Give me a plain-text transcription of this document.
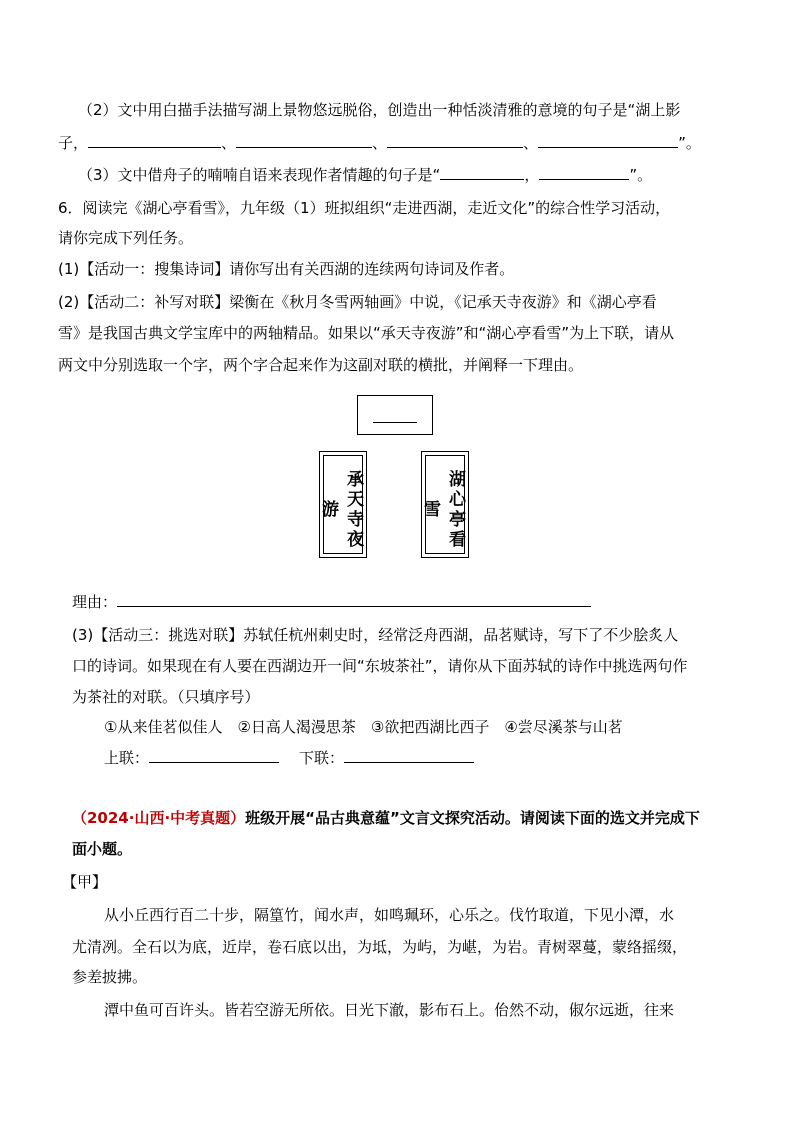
（2）文中用白描手法描写湖上景物悠远脱俗，创造出一种恬淡清雅的意境的句子是“湖上影
子，	、	、	、	”。
（3）文中借舟子的喃喃自语来表现作者情趣的句子是“	，	”。
6．阅读完《湖心亭看雪》，九年级（1）班拟组织“走进西湖，走近文化”的综合性学习活动，
请你完成下列任务。
(1)【活动一：搜集诗词】请你写出有关西湖的连续两句诗词及作者。
(2)【活动二：补写对联】梁衡在《秋月冬雪两轴画》中说，《记承天寺夜游》和《湖心亭看
雪》是我国古典文学宝库中的两轴精品。如果以“承天寺夜游”和“湖心亭看雪”为上下联，请从
两文中分别选取一个字，两个字合起来作为这副对联的横批，并阐释一下理由。
承天寺夜游	湖心亭看雪
理由：
(3)【活动三：挑选对联】苏轼任杭州刺史时，经常泛舟西湖，品茗赋诗，写下了不少脍炙人
口的诗词。如果现在有人要在西湖边开一间“东坡茶社”，请你从下面苏轼的诗作中挑选两句作
为茶社的对联。（只填序号）
①从来佳茗似佳人　②日高人渴漫思茶　③欲把西湖比西子　④尝尽溪茶与山茗
上联：	下联：
（2024·山西·中考真题）班级开展“品古典意蕴”文言文探究活动。请阅读下面的选文并完成下
面小题。
【甲】
从小丘西行百二十步，隔篁竹，闻水声，如鸣珮环，心乐之。伐竹取道，下见小潭，水
尤清冽。全石以为底，近岸，卷石底以出，为坻，为屿，为嵁，为岩。青树翠蔓，蒙络摇缀，
参差披拂。
潭中鱼可百许头。皆若空游无所依。日光下澈，影布石上。佁然不动，俶尔远逝，往来
